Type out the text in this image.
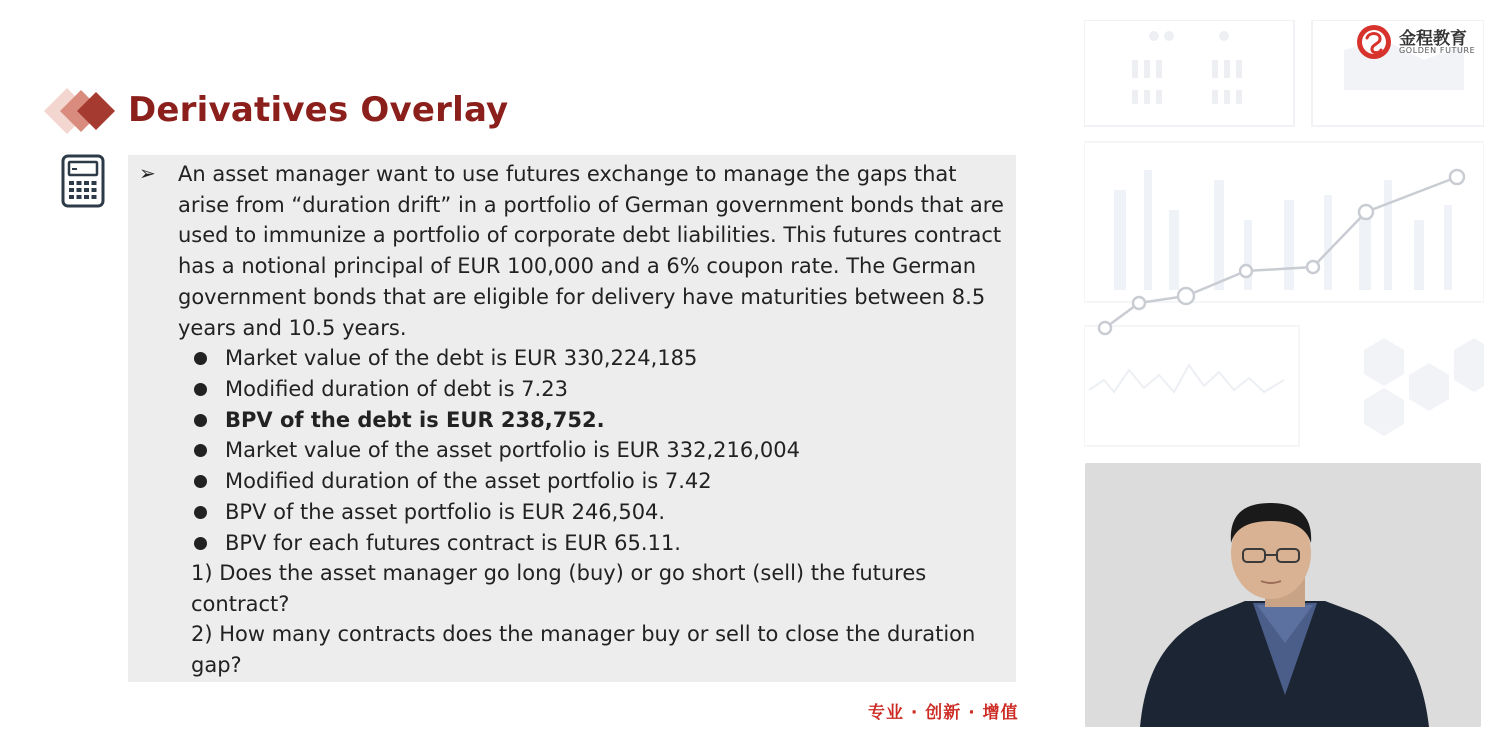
Derivatives Overlay
➢ An asset manager want to use futures exchange to manage the gaps that arise from “duration drift” in a portfolio of German government bonds that are used to immunize a portfolio of corporate debt liabilities. This futures contract has a notional principal of EUR 100,000 and a 6% coupon rate. The German government bonds that are eligible for delivery have maturities between 8.5 years and 10.5 years.

Market value of the debt is EUR 330,224,185
Modified duration of debt is 7.23
BPV of the debt is EUR 238,752.
Market value of the asset portfolio is EUR 332,216,004
Modified duration of the asset portfolio is 7.42
BPV of the asset portfolio is EUR 246,504.
BPV for each futures contract is EUR 65.11.

1) Does the asset manager go long (buy) or go short (sell) the futures contract?

2) How many contracts does the manager buy or sell to close the duration gap?

专业 · 创新 · 增值
金程教育
GOLDEN FUTURE
